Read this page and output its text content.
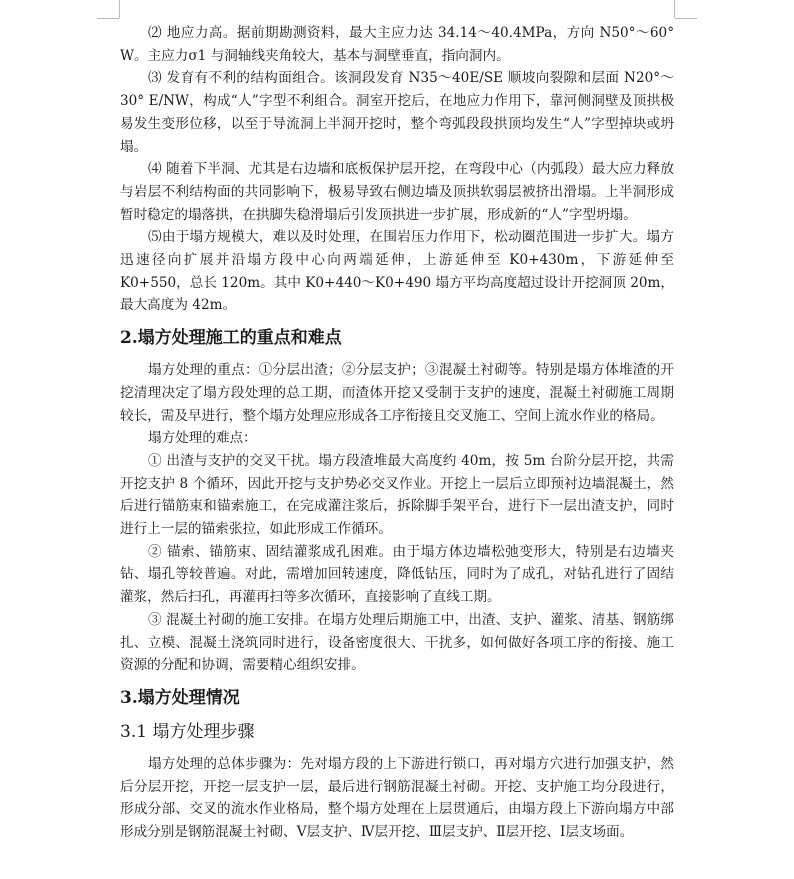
⑵ 地应力高。据前期勘测资料，最大主应力达 34.14～40.4MPa，方向 N50°～60° W。主应力σ1 与洞轴线夹角较大，基本与洞壁垂直，指向洞内。

⑶ 发育有不利的结构面组合。该洞段发育 N35～40E/SE 顺坡向裂隙和层面 N20°～30° E/NW，构成“人”字型不利组合。洞室开挖后，在地应力作用下，靠河侧洞壁及顶拱极易发生变形位移，以至于导流洞上半洞开挖时，整个弯弧段段拱顶均发生“人”字型掉块或坍塌。

⑷ 随着下半洞、尤其是右边墙和底板保护层开挖，在弯段中心（内弧段）最大应力释放与岩层不利结构面的共同影响下，极易导致右侧边墙及顶拱软弱层被挤出滑塌。上半洞形成暂时稳定的塌落拱，在拱脚失稳滑塌后引发顶拱进一步扩展，形成新的“人”字型坍塌。

⑸由于塌方规模大，难以及时处理，在围岩压力作用下，松动圈范围进一步扩大。塌方迅速径向扩展并沿塌方段中心向两端延伸，上游延伸至 K0+430m，下游延伸至 K0+550，总长 120m。其中 K0+440～K0+490 塌方平均高度超过设计开挖洞顶 20m，最大高度为 42m。

2.塌方处理施工的重点和难点

塌方处理的重点：①分层出渣；②分层支护；③混凝土衬砌等。特别是塌方体堆渣的开挖清理决定了塌方段处理的总工期，而渣体开挖又受制于支护的速度，混凝土衬砌施工周期较长，需及早进行，整个塌方处理应形成各工序衔接且交叉施工、空间上流水作业的格局。

塌方处理的难点：

① 出渣与支护的交叉干扰。塌方段渣堆最大高度约 40m，按 5m 台阶分层开挖，共需开挖支护 8 个循环，因此开挖与支护势必交叉作业。开挖上一层后立即预衬边墙混凝土，然后进行锚筋束和锚索施工，在完成灌注浆后，拆除脚手架平台，进行下一层出渣支护，同时进行上一层的锚索张拉，如此形成工作循环。

② 锚索、锚筋束、固结灌浆成孔困难。由于塌方体边墙松弛变形大，特别是右边墙夹钻、塌孔等较普遍。对此，需增加回转速度，降低钻压，同时为了成孔，对钻孔进行了固结灌浆，然后扫孔，再灌再扫等多次循环，直接影响了直线工期。

③ 混凝土衬砌的施工安排。在塌方处理后期施工中，出渣、支护、灌浆、清基、钢筋绑扎、立模、混凝土浇筑同时进行，设备密度很大、干扰多，如何做好各项工序的衔接、施工资源的分配和协调，需要精心组织安排。

3.塌方处理情况
3.1 塌方处理步骤

塌方处理的总体步骤为：先对塌方段的上下游进行锁口，再对塌方穴进行加强支护，然后分层开挖，开挖一层支护一层，最后进行钢筋混凝土衬砌。开挖、支护施工均分段进行，形成分部、交叉的流水作业格局，整个塌方处理在上层贯通后，由塌方段上下游向塌方中部形成分别是钢筋混凝土衬砌、Ⅴ层支护、Ⅳ层开挖、Ⅲ层支护、Ⅱ层开挖、Ⅰ层支场面。
